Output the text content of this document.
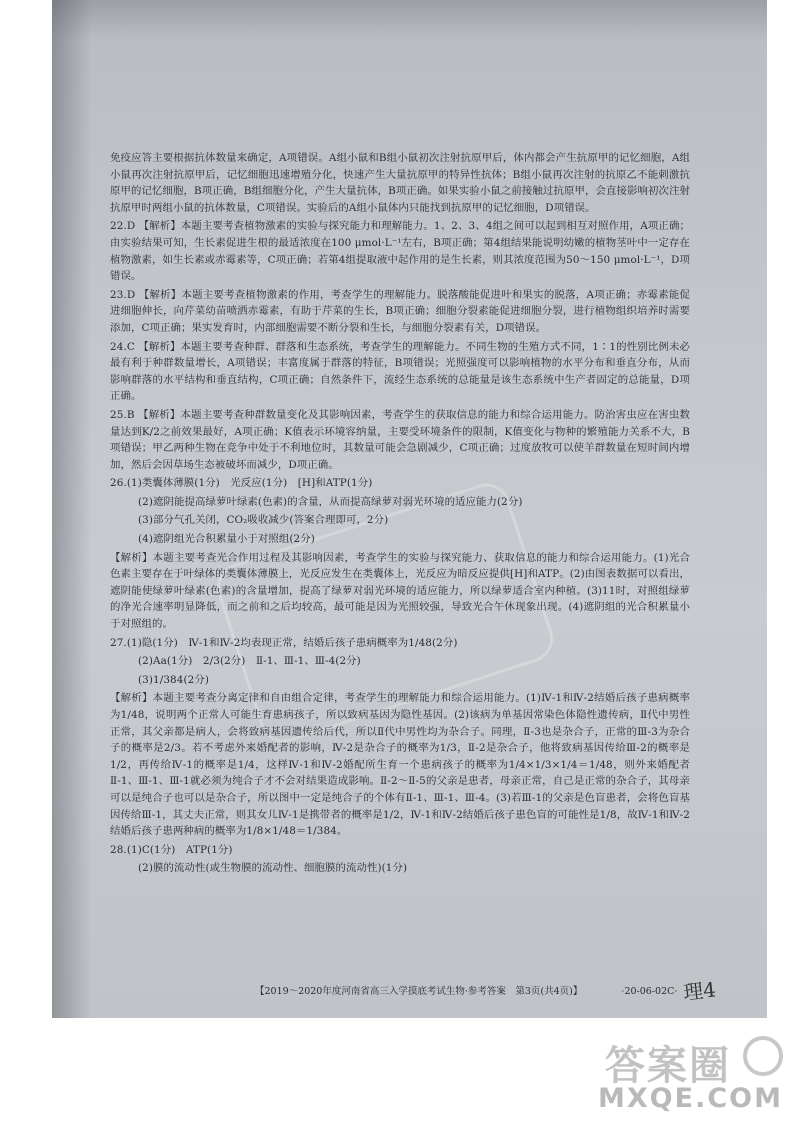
免疫应答主要根据抗体数量来确定，A项错误。A组小鼠和B组小鼠初次注射抗原甲后，体内都会产生抗原甲的记忆细胞，A组小鼠再次注射抗原甲后，记忆细胞迅速增殖分化，快速产生大量抗原甲的特异性抗体；B组小鼠再次注射的抗原乙不能刺激抗原甲的记忆细胞，B项正确，B组细胞分化，产生大量抗体，B项正确。如果实验小鼠之前接触过抗原甲，会直接影响初次注射抗原甲时两组小鼠的抗体数量，C项错误。实验后的A组小鼠体内只能找到抗原甲的记忆细胞，D项错误。

22.D 【解析】本题主要考查植物激素的实验与探究能力和理解能力。1、2、3、4组之间可以起到相互对照作用，A项正确；由实验结果可知，生长素促进生根的最适浓度在100 μmol·L⁻¹左右，B项正确；第4组结果能说明幼嫩的植物茎叶中一定存在植物激素，如生长素或赤霉素等，C项正确；若第4组提取液中起作用的是生长素，则其浓度范围为50～150 μmol·L⁻¹，D项错误。

23.D 【解析】本题主要考查植物激素的作用，考查学生的理解能力。脱落酸能促进叶和果实的脱落，A项正确；赤霉素能促进细胞伸长，向芹菜幼苗喷洒赤霉素，有助于芹菜的生长，B项正确；细胞分裂素能促进细胞分裂，进行植物组织培养时需要添加，C项正确；果实发育时，内部细胞需要不断分裂和生长，与细胞分裂素有关，D项错误。

24.C 【解析】本题主要考查种群、群落和生态系统，考查学生的理解能力。不同生物的生殖方式不同，1∶1的性别比例未必最有利于种群数量增长，A项错误；丰富度属于群落的特征，B项错误；光照强度可以影响植物的水平分布和垂直分布，从而影响群落的水平结构和垂直结构，C项正确；自然条件下，流经生态系统的总能量是该生态系统中生产者固定的总能量，D项正确。

25.B 【解析】本题主要考查种群数量变化及其影响因素，考查学生的获取信息的能力和综合运用能力。防治害虫应在害虫数量达到K/2之前效果最好，A项正确；K值表示环境容纳量，主要受环境条件的限制，K值变化与物种的繁殖能力关系不大，B项错误；甲乙两种生物在竞争中处于不利地位时，其数量可能会急剧减少，C项正确；过度放牧可以使羊群数量在短时间内增加，然后会因草场生态被破坏而减少，D项正确。

26.(1)类囊体薄膜(1分)　光反应(1分)　[H]和ATP(1分)

(2)遮阴能提高绿萝叶绿素(色素)的含量，从而提高绿萝对弱光环境的适应能力(2分)

(3)部分气孔关闭，CO₂吸收减少(答案合理即可，2分)

(4)遮阴组光合积累量小于对照组(2分)

【解析】本题主要考查光合作用过程及其影响因素，考查学生的实验与探究能力、获取信息的能力和综合运用能力。(1)光合色素主要存在于叶绿体的类囊体薄膜上，光反应发生在类囊体上，光反应为暗反应提供[H]和ATP。(2)由图表数据可以看出，遮阴能使绿萝叶绿素(色素)的含量增加，提高了绿萝对弱光环境的适应能力，所以绿萝适合室内种植。(3)11时，对照组绿萝的净光合速率明显降低，而之前和之后均较高，最可能是因为光照较强，导致光合午休现象出现。(4)遮阴组的光合积累量小于对照组的。

27.(1)隐(1分)　Ⅳ-1和Ⅳ-2均表现正常，结婚后孩子患病概率为1/48(2分)

(2)Aa(1分)　2/3(2分)　Ⅱ-1、Ⅲ-1、Ⅲ-4(2分)

(3)1/384(2分)

【解析】本题主要考查分离定律和自由组合定律，考查学生的理解能力和综合运用能力。(1)Ⅳ-1和Ⅳ-2结婚后孩子患病概率为1/48，说明两个正常人可能生育患病孩子，所以致病基因为隐性基因。(2)该病为单基因常染色体隐性遗传病，Ⅱ代中男性正常，其父亲都是病人，会将致病基因遗传给后代，所以Ⅱ代中男性均为杂合子。同理，Ⅱ-3也是杂合子，正常的Ⅲ-3为杂合子的概率是2/3。若不考虑外来婚配者的影响，Ⅳ-2是杂合子的概率为1/3，Ⅱ-2是杂合子，他将致病基因传给Ⅲ-2的概率是1/2，再传给Ⅳ-1的概率是1/4，这样Ⅳ-1和Ⅳ-2婚配所生育一个患病孩子的概率为1/4×1/3×1/4＝1/48，则外来婚配者Ⅱ-1、Ⅲ-1、Ⅲ-1就必须为纯合子才不会对结果造成影响。Ⅱ-2～Ⅱ-5的父亲是患者，母亲正常，自己是正常的杂合子，其母亲可以是纯合子也可以是杂合子，所以图中一定是纯合子的个体有Ⅱ-1、Ⅲ-1、Ⅲ-4。(3)若Ⅲ-1的父亲是色盲患者，会将色盲基因传给Ⅲ-1，其丈夫正常，则其女儿Ⅳ-1是携带者的概率是1/2，Ⅳ-1和Ⅳ-2结婚后孩子患色盲的可能性是1/8，故Ⅳ-1和Ⅳ-2结婚后孩子患两种病的概率为1/8×1/48＝1/384。

28.(1)C(1分)　ATP(1分)

(2)膜的流动性(或生物膜的流动性、细胞膜的流动性)(1分)

【2019～2020年度河南省高三入学摸底考试生物·参考答案　第3页(共4页)】	·20-06-02C· 理4
答案圈
MXQE.COM
